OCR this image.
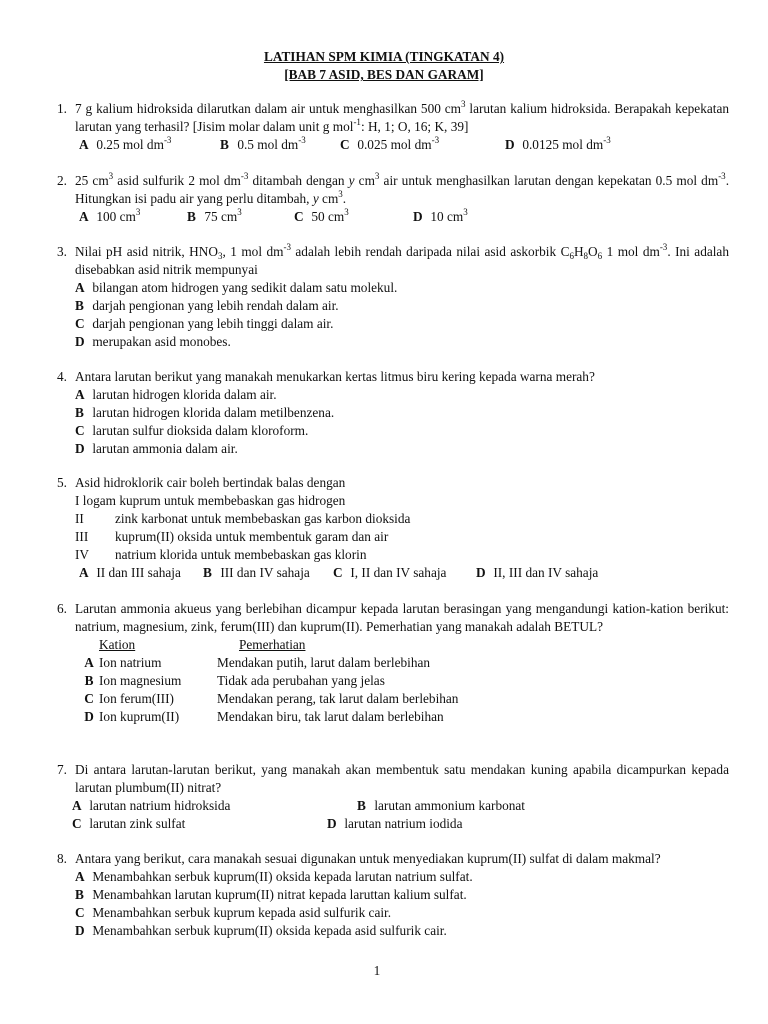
LATIHAN SPM KIMIA (TINGKATAN 4)
[BAB 7 ASID, BES DAN GARAM]
1. 7 g kalium hidroksida dilarutkan dalam air untuk menghasilkan 500 $cm^3$ larutan kalium hidroksida. Berapakah kepekatan larutan yang terhasil? [Jisim molar dalam unit g mol$^{-1}$: H, 1; O, 16; K, 39]
A 0.25 mol $dm^{-3}$	B 0.5 mol $dm^{-3}$	C 0.025 mol $dm^{-3}$	D 0.0125 mol $dm^{-3}$
2. 25 $cm^3$ asid sulfurik 2 mol $dm^{-3}$ ditambah dengan y $cm^3$ air untuk menghasilkan larutan dengan kepekatan 0.5 mol $dm^{-3}$. Hitungkan isi padu air yang perlu ditambah, y $cm^3$.
A 100 $cm^3$	B 75 $cm^3$	C 50 $cm^3$	D 10 $cm^3$
3. Nilai pH asid nitrik, $HNO_3$, 1 mol $dm^{-3}$ adalah lebih rendah daripada nilai asid askorbik $C_6H_8O_6$ 1 mol $dm^{-3}$. Ini adalah disebabkan asid nitrik mempunyai
A bilangan atom hidrogen yang sedikit dalam satu molekul.
B darjah pengionan yang lebih rendah dalam air.
C darjah pengionan yang lebih tinggi dalam air.
D merupakan asid monobes.
4. Antara larutan berikut yang manakah menukarkan kertas litmus biru kering kepada warna merah?
A larutan hidrogen klorida dalam air.
B larutan hidrogen klorida dalam metilbenzena.
C larutan sulfur dioksida dalam kloroform.
D larutan ammonia dalam air.
5. Asid hidroklorik cair boleh bertindak balas dengan
I logam kuprum untuk membebaskan gas hidrogen
II zink karbonat untuk membebaskan gas karbon dioksida
III kuprum(II) oksida untuk membentuk garam dan air
IV natrium klorida untuk membebaskan gas klorin
A II dan III sahaja B III dan IV sahaja C I, II dan IV sahaja D II, III dan IV sahaja
6. Larutan ammonia akueus yang berlebihan dicampur kepada larutan berasingan yang mengandungi kation-kation berikut: natrium, magnesium, zink, ferum(III) dan kuprum(II). Pemerhatian yang manakah adalah BETUL?
	Kation	Pemerhatian
A	Ion natrium	Mendakan putih, larut dalam berlebihan
B	Ion magnesium	Tidak ada perubahan yang jelas
C	Ion ferum(III)	Mendakan perang, tak larut dalam berlebihan
D	Ion kuprum(II)	Mendakan biru, tak larut dalam berlebihan
7. Di antara larutan-larutan berikut, yang manakah akan membentuk satu mendakan kuning apabila dicampurkan kepada larutan plumbum(II) nitrat?
A larutan natrium hidroksida	B larutan ammonium karbonat
C larutan zink sulfat	D larutan natrium iodida
8. Antara yang berikut, cara manakah sesuai digunakan untuk menyediakan kuprum(II) sulfat di dalam makmal?
A Menambahkan serbuk kuprum(II) oksida kepada larutan natrium sulfat.
B Menambahkan larutan kuprum(II) nitrat kepada laruttan kalium sulfat.
C Menambahkan serbuk kuprum kepada asid sulfurik cair.
D Menambahkan serbuk kuprum(II) oksida kepada asid sulfurik cair.
1
